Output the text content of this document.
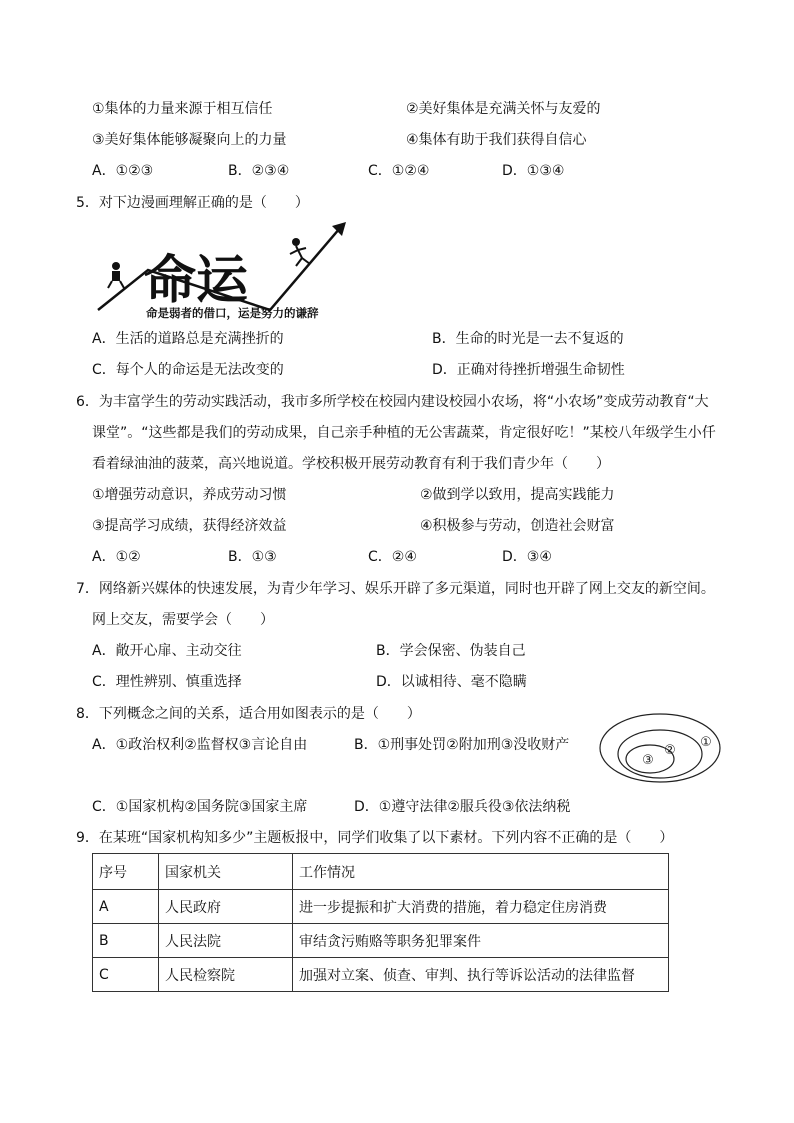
①集体的力量来源于相互信任	②美好集体是充满关怀与友爱的
③美好集体能够凝聚向上的力量	④集体有助于我们获得自信心
A．①②③	B．②③④	C．①②④	D．①③④
5．对下边漫画理解正确的是（　　）
命运
命是弱者的借口，运是努力的谦辞
A．生活的道路总是充满挫折的	B．生命的时光是一去不复返的
C．每个人的命运是无法改变的	D．正确对待挫折增强生命韧性
6．为丰富学生的劳动实践活动，我市多所学校在校园内建设校园小农场，将“小农场”变成劳动教育“大
课堂”。“这些都是我们的劳动成果，自己亲手种植的无公害蔬菜，肯定很好吃！”某校八年级学生小仟
看着绿油油的菠菜，高兴地说道。学校积极开展劳动教育有利于我们青少年（　　）
①增强劳动意识，养成劳动习惯	②做到学以致用，提高实践能力
③提高学习成绩，获得经济效益	④积极参与劳动，创造社会财富
A．①②	B．①③	C．②④	D．③④
7．网络新兴媒体的快速发展，为青少年学习、娱乐开辟了多元渠道，同时也开辟了网上交友的新空间。
网上交友，需要学会（　　）
A．敞开心扉、主动交往	B．学会保密、伪装自己
C．理性辨别、慎重选择	D．以诚相待、毫不隐瞒
8．下列概念之间的关系，适合用如图表示的是（　　）
A．①政治权利②监督权③言论自由	B．①刑事处罚②附加刑③没收财产	①
②
③
C．①国家机构②国务院③国家主席	D．①遵守法律②服兵役③依法纳税
9．在某班“国家机构知多少”主题板报中，同学们收集了以下素材。下列内容不正确的是（　　）
序号	国家机关	工作情况
A	人民政府	进一步提振和扩大消费的措施，着力稳定住房消费
B	人民法院	审结贪污贿赂等职务犯罪案件
C	人民检察院	加强对立案、侦查、审判、执行等诉讼活动的法律监督
